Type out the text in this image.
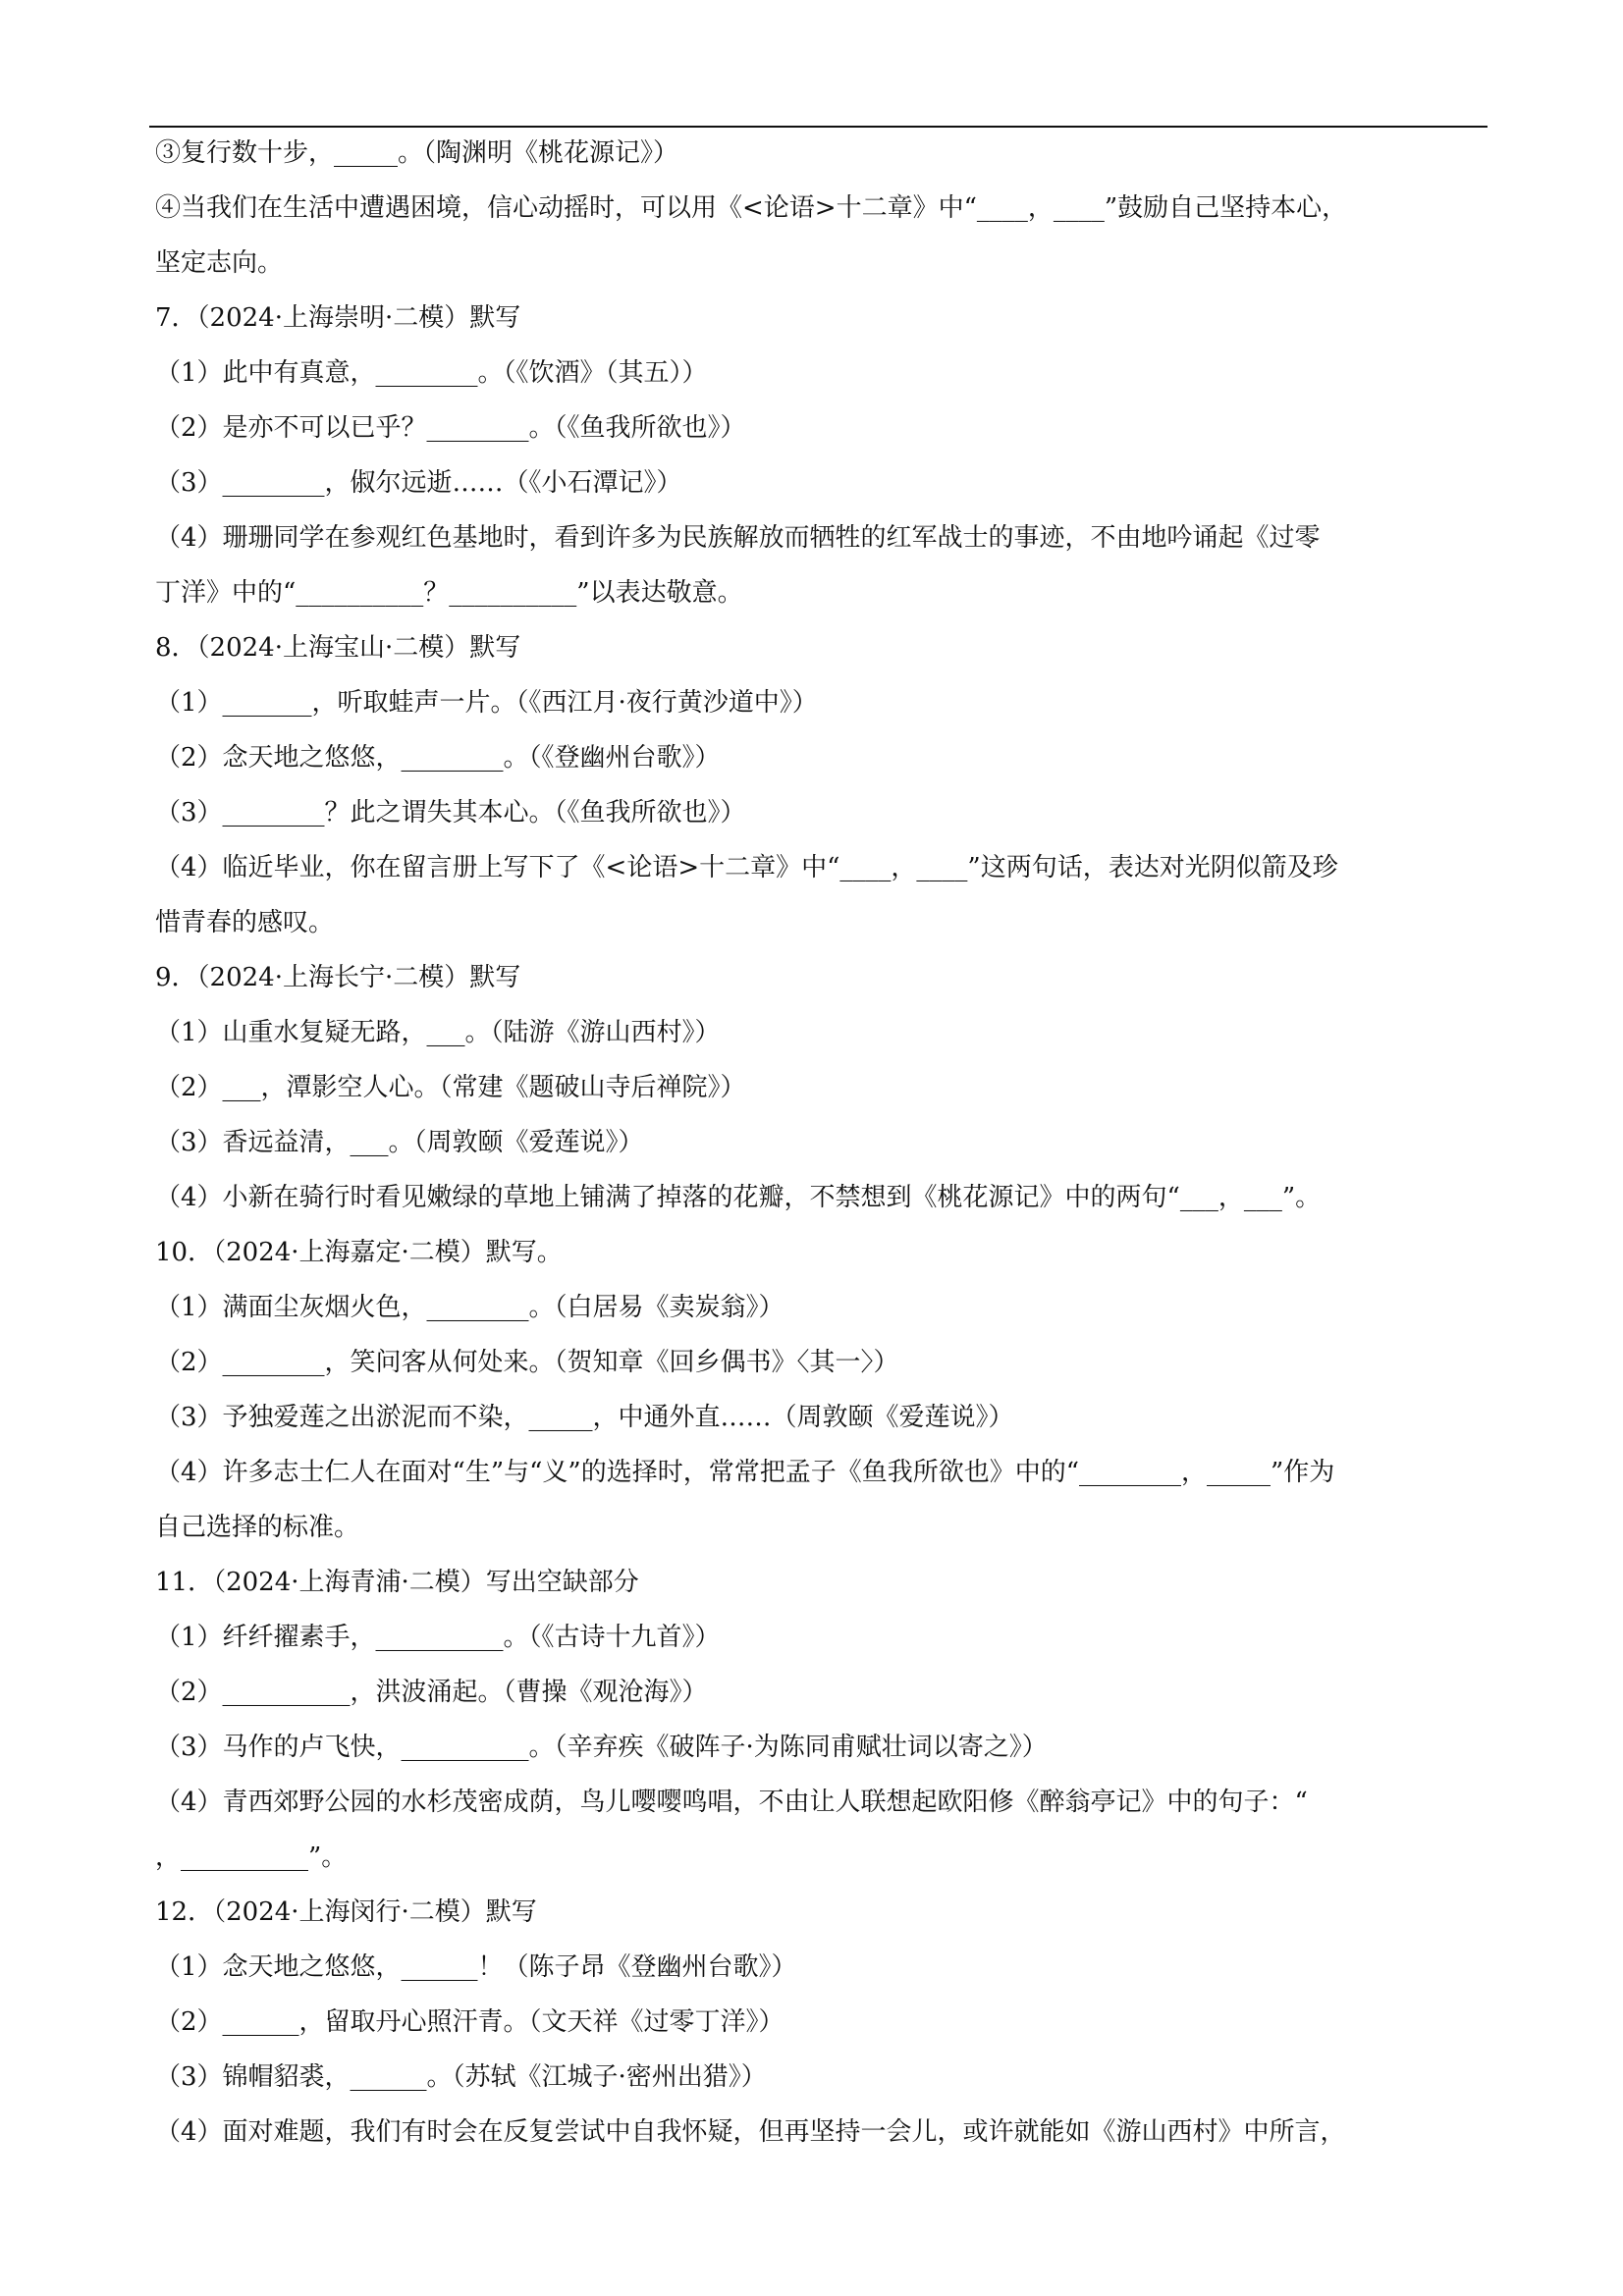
③复行数十步，_____。（陶渊明《桃花源记》）
④当我们在生活中遭遇困境，信心动摇时，可以用《<论语>十二章》中“____，____”鼓励自己坚持本心，
坚定志向。
7．（2024·上海崇明·二模）默写
（1）此中有真意，________。（《饮酒》（其五））
（2）是亦不可以已乎？________。（《鱼我所欲也》）
（3）________，俶尔远逝……（《小石潭记》）
（4）珊珊同学在参观红色基地时，看到许多为民族解放而牺牲的红军战士的事迹，不由地吟诵起《过零
丁洋》中的“__________？__________”以表达敬意。
8．（2024·上海宝山·二模）默写
（1）_______，听取蛙声一片。（《西江月·夜行黄沙道中》）
（2）念天地之悠悠，________。（《登幽州台歌》）
（3）________？此之谓失其本心。（《鱼我所欲也》）
（4）临近毕业，你在留言册上写下了《<论语>十二章》中“____，____”这两句话，表达对光阴似箭及珍
惜青春的感叹。
9．（2024·上海长宁·二模）默写
（1）山重水复疑无路，___。（陆游《游山西村》）
（2）___，潭影空人心。（常建《题破山寺后禅院》）
（3）香远益清，___。（周敦颐《爱莲说》）
（4）小新在骑行时看见嫩绿的草地上铺满了掉落的花瓣，不禁想到《桃花源记》中的两句“___，___”。
10．（2024·上海嘉定·二模）默写。
（1）满面尘灰烟火色，________。（白居易《卖炭翁》）
（2）________，笑问客从何处来。（贺知章《回乡偶书》〈其一〉）
（3）予独爱莲之出淤泥而不染，_____，中通外直……（周敦颐《爱莲说》）
（4）许多志士仁人在面对“生”与“义”的选择时，常常把孟子《鱼我所欲也》中的“________，_____”作为
自己选择的标准。
11．（2024·上海青浦·二模）写出空缺部分
（1）纤纤擢素手，__________。（《古诗十九首》）
（2）__________，洪波涌起。（曹操《观沧海》）
（3）马作的卢飞快，__________。（辛弃疾《破阵子·为陈同甫赋壮词以寄之》）
（4）青西郊野公园的水杉茂密成荫，鸟儿嘤嘤鸣唱，不由让人联想起欧阳修《醉翁亭记》中的句子：“
，__________”。
12．（2024·上海闵行·二模）默写
（1）念天地之悠悠，______！（陈子昂《登幽州台歌》）
（2）______，留取丹心照汗青。（文天祥《过零丁洋》）
（3）锦帽貂裘，______。（苏轼《江城子·密州出猎》）
（4）面对难题，我们有时会在反复尝试中自我怀疑，但再坚持一会儿，或许就能如《游山西村》中所言，
